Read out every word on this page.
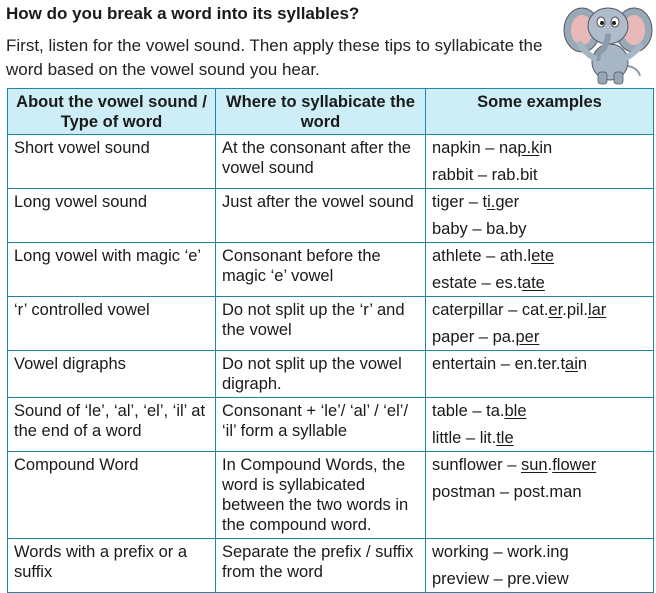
How do you break a word into its syllables?
First, listen for the vowel sound. Then apply these tips to syllabicate the word based on the vowel sound you hear.
About the vowel sound / Type of word	Where to syllabicate the word	Some examples
Short vowel sound	At the consonant after the vowel sound	napkin – nap.kin
rabbit – rab.bit

Long vowel sound	Just after the vowel sound	tiger – ti.ger
baby – ba.by

Long vowel with magic ‘e’	Consonant before the magic ‘e’ vowel	athlete – ath.lete
estate – es.tate

‘r’ controlled vowel	Do not split up the ‘r’ and the vowel	caterpillar – cat.er.pil.lar
paper – pa.per

Vowel digraphs	Do not split up the vowel digraph.	entertain – en.ter.tain

Sound of ‘le’, ‘al’, ‘el’, ‘il’ at the end of a word	Consonant + ‘le’/ ‘al’ / ‘el’/ ‘il’ form a syllable	table – ta.ble
little – lit.tle

Compound Word	In Compound Words, the word is syllabicated between the two words in the compound word.	sunflower – sun.flower
postman – post.man

Words with a prefix or a suffix	Separate the prefix / suffix from the word	working – work.ing
preview – pre.view
